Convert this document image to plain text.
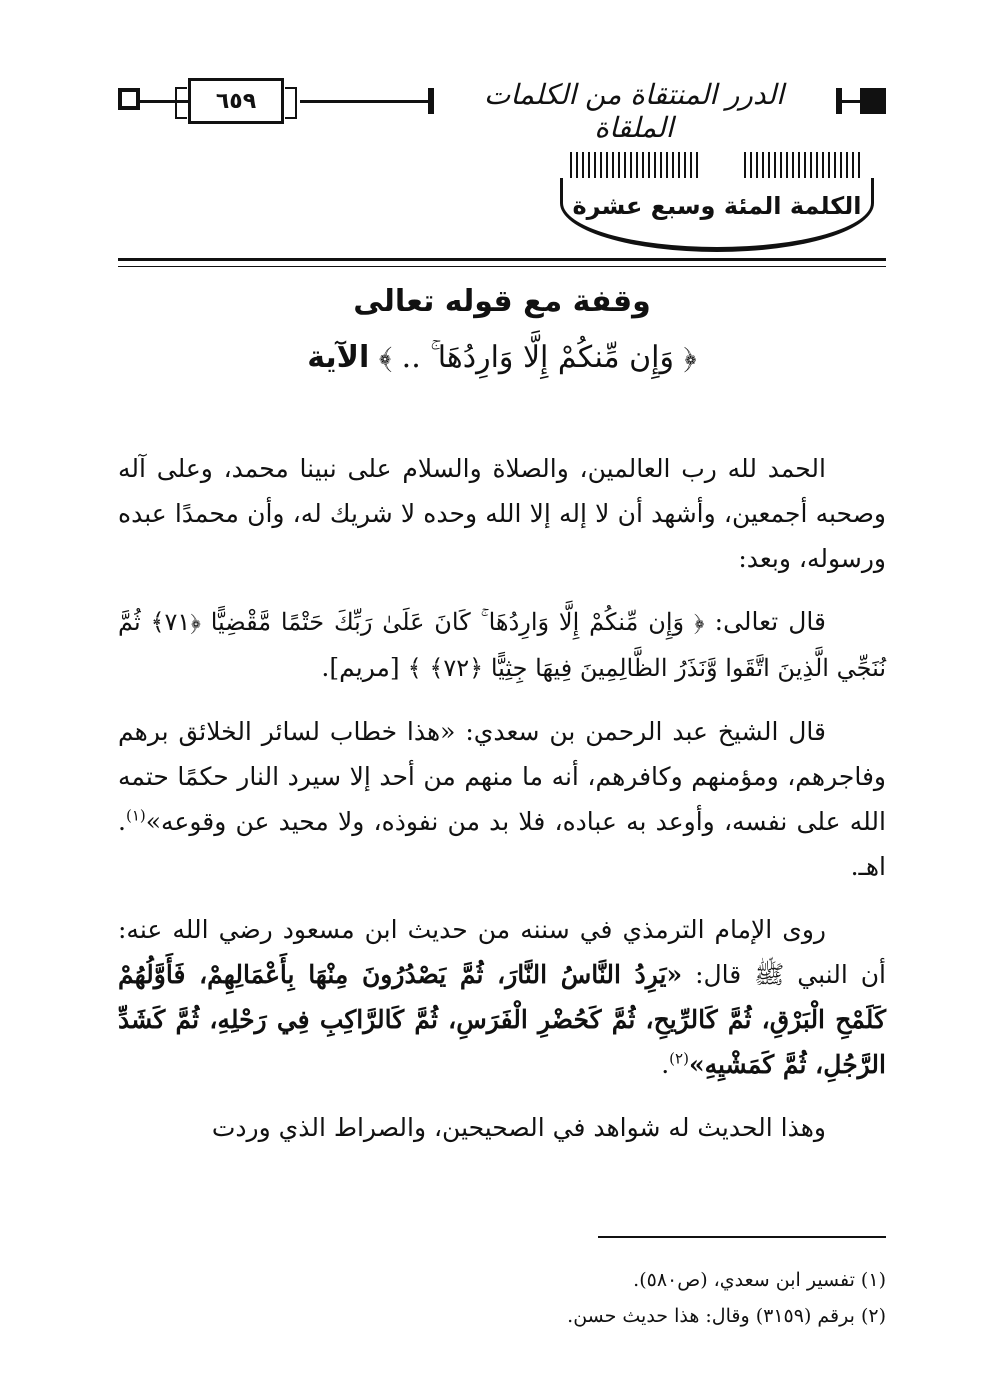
٦٥٩	الدرر المنتقاة من الكلمات الملقاة
الكلمة المئة وسبع عشرة
وقفة مع قوله تعالى
﴿ وَإِن مِّنكُمْ إِلَّا وَارِدُهَا ۚ .. ﴾ الآية

الحمد لله رب العالمين، والصلاة والسلام على نبينا محمد، وعلى آله وصحبه أجمعين، وأشهد أن لا إله إلا الله وحده لا شريك له، وأن محمدًا عبده ورسوله، وبعد:

قال تعالى: ﴿ وَإِن مِّنكُمْ إِلَّا وَارِدُهَا ۚ كَانَ عَلَىٰ رَبِّكَ حَتْمًا مَّقْضِيًّا ﴿٧١﴾ ثُمَّ نُنَجِّي الَّذِينَ اتَّقَوا وَّنَذَرُ الظَّالِمِينَ فِيهَا جِثِيًّا ﴿٧٢﴾ ﴾ [مريم].

قال الشيخ عبد الرحمن بن سعدي: «هذا خطاب لسائر الخلائق برهم وفاجرهم، ومؤمنهم وكافرهم، أنه ما منهم من أحد إلا سيرد النار حكمًا حتمه الله على نفسه، وأوعد به عباده، فلا بد من نفوذه، ولا محيد عن وقوعه»$^{(١)}$. اهـ.

روى الإمام الترمذي في سننه من حديث ابن مسعود رضي الله عنه: أن النبي ﷺ قال: «يَرِدُ النَّاسُ النَّارَ، ثُمَّ يَصْدُرُونَ مِنْهَا بِأَعْمَالِهِمْ، فَأَوَّلُهُمْ كَلَمْحِ الْبَرْقِ، ثُمَّ كَالرِّيحِ، ثُمَّ كَحُضْرِ الْفَرَسِ، ثُمَّ كَالرَّاكِبِ فِي رَحْلِهِ، ثُمَّ كَشَدِّ الرَّجُلِ، ثُمَّ كَمَشْيِهِ»$^{(٢)}$.

وهذا الحديث له شواهد في الصحيحين، والصراط الذي وردت

(١) تفسير ابن سعدي، (ص٥٨٠).
(٢) برقم (٣١٥٩) وقال: هذا حديث حسن.
